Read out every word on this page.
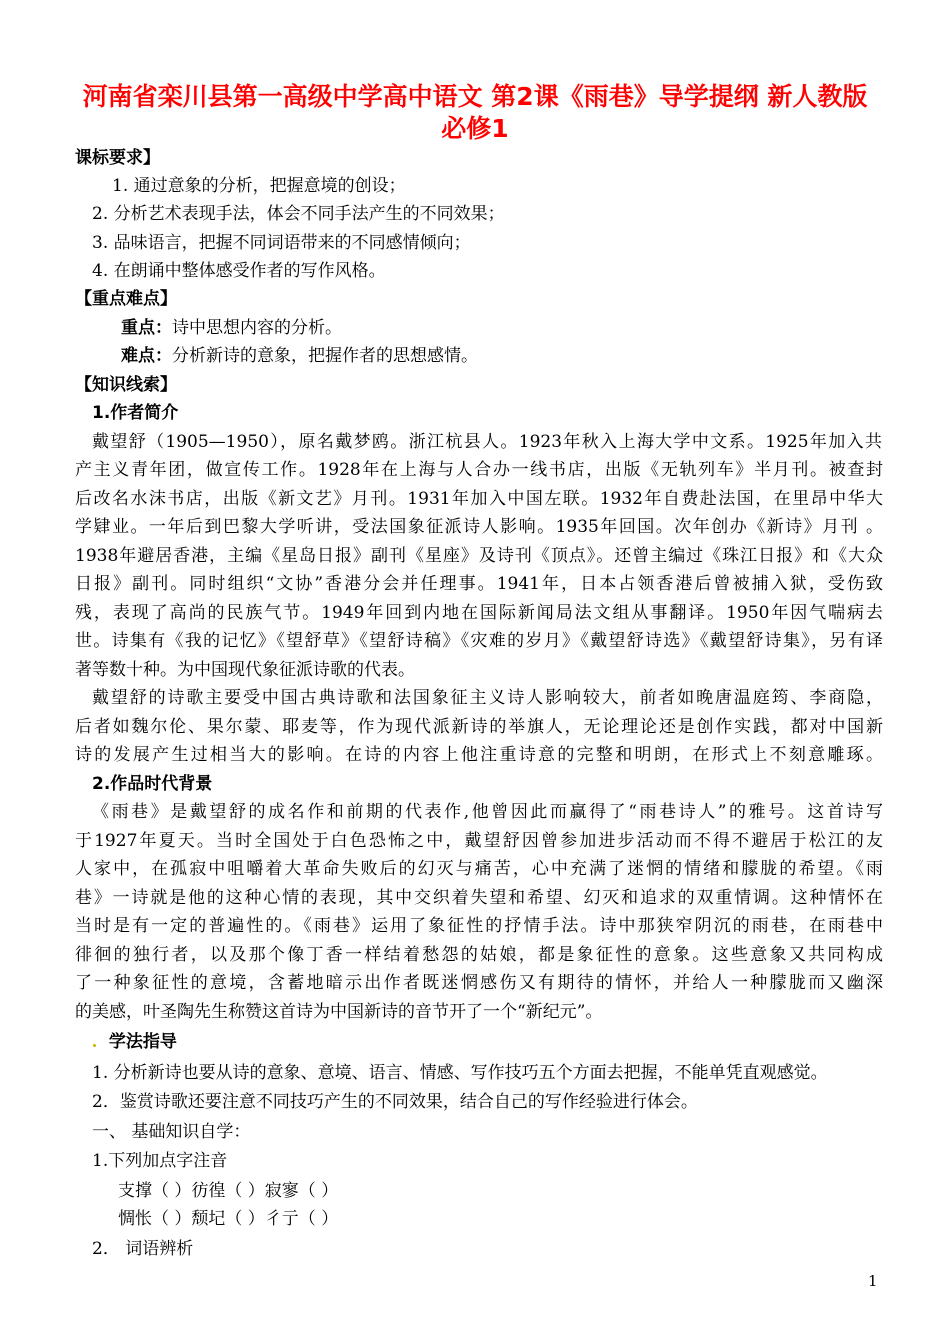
河南省栾川县第一高级中学高中语文 第2课《雨巷》导学提纲 新人教版
必修1

课标要求】

1. 通过意象的分析，把握意境的创设；

2. 分析艺术表现手法，体会不同手法产生的不同效果；

3. 品味语言，把握不同词语带来的不同感情倾向；

4. 在朗诵中整体感受作者的写作风格。

【重点难点】

重点：诗中思想内容的分析。

难点：分析新诗的意象，把握作者的思想感情。

【知识线索】

1.作者简介

戴望舒（1905—1950），原名戴梦鸥。浙江杭县人。1923年秋入上海大学中文系。1925年加入共

产主义青年团，做宣传工作。1928年在上海与人合办一线书店，出版《无轨列车》半月刊。被查封

后改名水沫书店，出版《新文艺》月刊。1931年加入中国左联。1932年自费赴法国，在里昂中华大

学肄业。一年后到巴黎大学听讲，受法国象征派诗人影响。1935年回国。次年创办《新诗》月刊 。

1938年避居香港，主编《星岛日报》副刊《星座》及诗刊《顶点》。还曾主编过《珠江日报》和《大众

日报》副刊。同时组织“文协”香港分会并任理事。1941年，日本占领香港后曾被捕入狱，受伤致

残，表现了高尚的民族气节。1949年回到内地在国际新闻局法文组从事翻译。1950年因气喘病去

世。诗集有《我的记忆》《望舒草》《望舒诗稿》《灾难的岁月》《戴望舒诗选》《戴望舒诗集》，另有译

著等数十种。为中国现代象征派诗歌的代表。

戴望舒的诗歌主要受中国古典诗歌和法国象征主义诗人影响较大，前者如晚唐温庭筠、李商隐，

后者如魏尔伦、果尔蒙、耶麦等，作为现代派新诗的举旗人，无论理论还是创作实践，都对中国新

诗的发展产生过相当大的影响。在诗的内容上他注重诗意的完整和明朗，在形式上不刻意雕琢。

2.作品时代背景

《雨巷》是戴望舒的成名作和前期的代表作,他曾因此而赢得了“雨巷诗人”的雅号。这首诗写

于1927年夏天。当时全国处于白色恐怖之中，戴望舒因曾参加进步活动而不得不避居于松江的友

人家中，在孤寂中咀嚼着大革命失败后的幻灭与痛苦，心中充满了迷惘的情绪和朦胧的希望。《雨

巷》一诗就是他的这种心情的表现，其中交织着失望和希望、幻灭和追求的双重情调。这种情怀在

当时是有一定的普遍性的。《雨巷》运用了象征性的抒情手法。诗中那狭窄阴沉的雨巷，在雨巷中

徘徊的独行者，以及那个像丁香一样结着愁怨的姑娘，都是象征性的意象。这些意象又共同构成

了一种象征性的意境，含蓄地暗示出作者既迷惘感伤又有期待的情怀，并给人一种朦胧而又幽深

的美感，叶圣陶先生称赞这首诗为中国新诗的音节开了一个“新纪元”。

学法指导

1. 分析新诗也要从诗的意象、意境、语言、情感、写作技巧五个方面去把握，不能单凭直观感觉。

2．鉴赏诗歌还要注意不同技巧产生的不同效果，结合自己的写作经验进行体会。

一、 基础知识自学：

1.下列加点字注音

支撑（ ）彷徨（ ）寂寥（ ）

惆怅（ ）颓圮（ ）彳亍（ ）

2． 词语辨析

1
